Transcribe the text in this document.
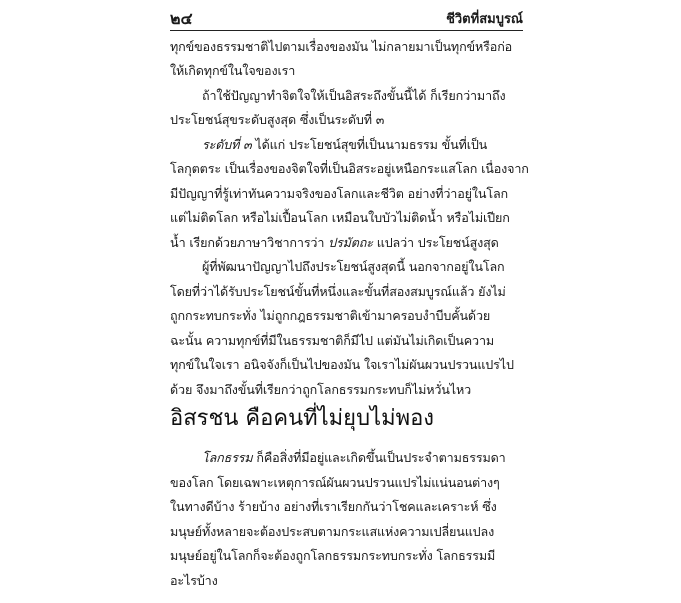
๒๔	ชีวิตที่สมบูรณ์
ทุกข์ของธรรมชาติไปตามเรื่องของมัน ไม่กลายมาเป็นทุกข์หรือก่อ
ให้เกิดทุกข์ในใจของเรา
ถ้าใช้ปัญญาทำจิตใจให้เป็นอิสระถึงขั้นนี้ได้ ก็เรียกว่ามาถึง
ประโยชน์สุขระดับสูงสุด ซึ่งเป็นระดับที่ ๓
ระดับที่ ๓ ได้แก่ ประโยชน์สุขที่เป็นนามธรรม ขั้นที่เป็น
โลกุตตระ เป็นเรื่องของจิตใจที่เป็นอิสระอยู่เหนือกระแสโลก เนื่องจาก
มีปัญญาที่รู้เท่าทันความจริงของโลกและชีวิต อย่างที่ว่าอยู่ในโลก
แต่ไม่ติดโลก หรือไม่เปื้อนโลก เหมือนใบบัวไม่ติดน้ำ หรือไม่เปียก
น้ำ เรียกด้วยภาษาวิชาการว่า ปรมัตถะ แปลว่า ประโยชน์สูงสุด
ผู้ที่พัฒนาปัญญาไปถึงประโยชน์สูงสุดนี้ นอกจากอยู่ในโลก
โดยที่ว่าได้รับประโยชน์ขั้นที่หนึ่งและขั้นที่สองสมบูรณ์แล้ว ยังไม่
ถูกกระทบกระทั่ง ไม่ถูกกฎธรรมชาติเข้ามาครอบงำบีบคั้นด้วย
ฉะนั้น ความทุกข์ที่มีในธรรมชาติก็มีไป แต่มันไม่เกิดเป็นความ
ทุกข์ในใจเรา อนิจจังก็เป็นไปของมัน ใจเราไม่ผันผวนปรวนแปรไป
ด้วย จึงมาถึงขั้นที่เรียกว่าถูกโลกธรรมกระทบก็ไม่หวั่นไหว
อิสรชน คือคนที่ไม่ยุบไม่พอง
โลกธรรม ก็คือสิ่งที่มีอยู่และเกิดขึ้นเป็นประจำตามธรรมดา
ของโลก โดยเฉพาะเหตุการณ์ผันผวนปรวนแปรไม่แน่นอนต่างๆ
ในทางดีบ้าง ร้ายบ้าง อย่างที่เราเรียกกันว่าโชคและเคราะห์ ซึ่ง
มนุษย์ทั้งหลายจะต้องประสบตามกระแสแห่งความเปลี่ยนแปลง
มนุษย์อยู่ในโลกก็จะต้องถูกโลกธรรมกระทบกระทั่ง โลกธรรมมี
อะไรบ้าง
